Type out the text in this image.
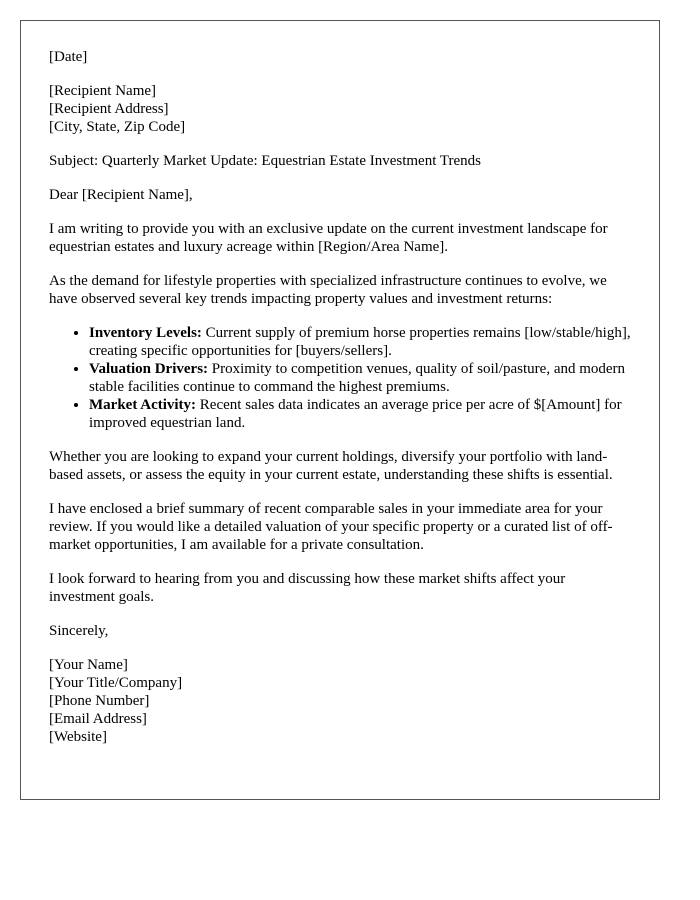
[Date]
[Recipient Name]
[Recipient Address]
[City, State, Zip Code]

Subject: Quarterly Market Update: Equestrian Estate Investment Trends

Dear [Recipient Name],

I am writing to provide you with an exclusive update on the current investment landscape for equestrian estates and luxury acreage within [Region/Area Name].

As the demand for lifestyle properties with specialized infrastructure continues to evolve, we have observed several key trends impacting property values and investment returns:

• Inventory Levels: Current supply of premium horse properties remains [low/stable/high], creating specific opportunities for [buyers/sellers].
• Valuation Drivers: Proximity to competition venues, quality of soil/pasture, and modern stable facilities continue to command the highest premiums.
• Market Activity: Recent sales data indicates an average price per acre of $[Amount] for improved equestrian land.

Whether you are looking to expand your current holdings, diversify your portfolio with land-based assets, or assess the equity in your current estate, understanding these shifts is essential.

I have enclosed a brief summary of recent comparable sales in your immediate area for your review. If you would like a detailed valuation of your specific property or a curated list of off-market opportunities, I am available for a private consultation.

I look forward to hearing from you and discussing how these market shifts affect your investment goals.

Sincerely,

[Your Name]
[Your Title/Company]
[Phone Number]
[Email Address]
[Website]
